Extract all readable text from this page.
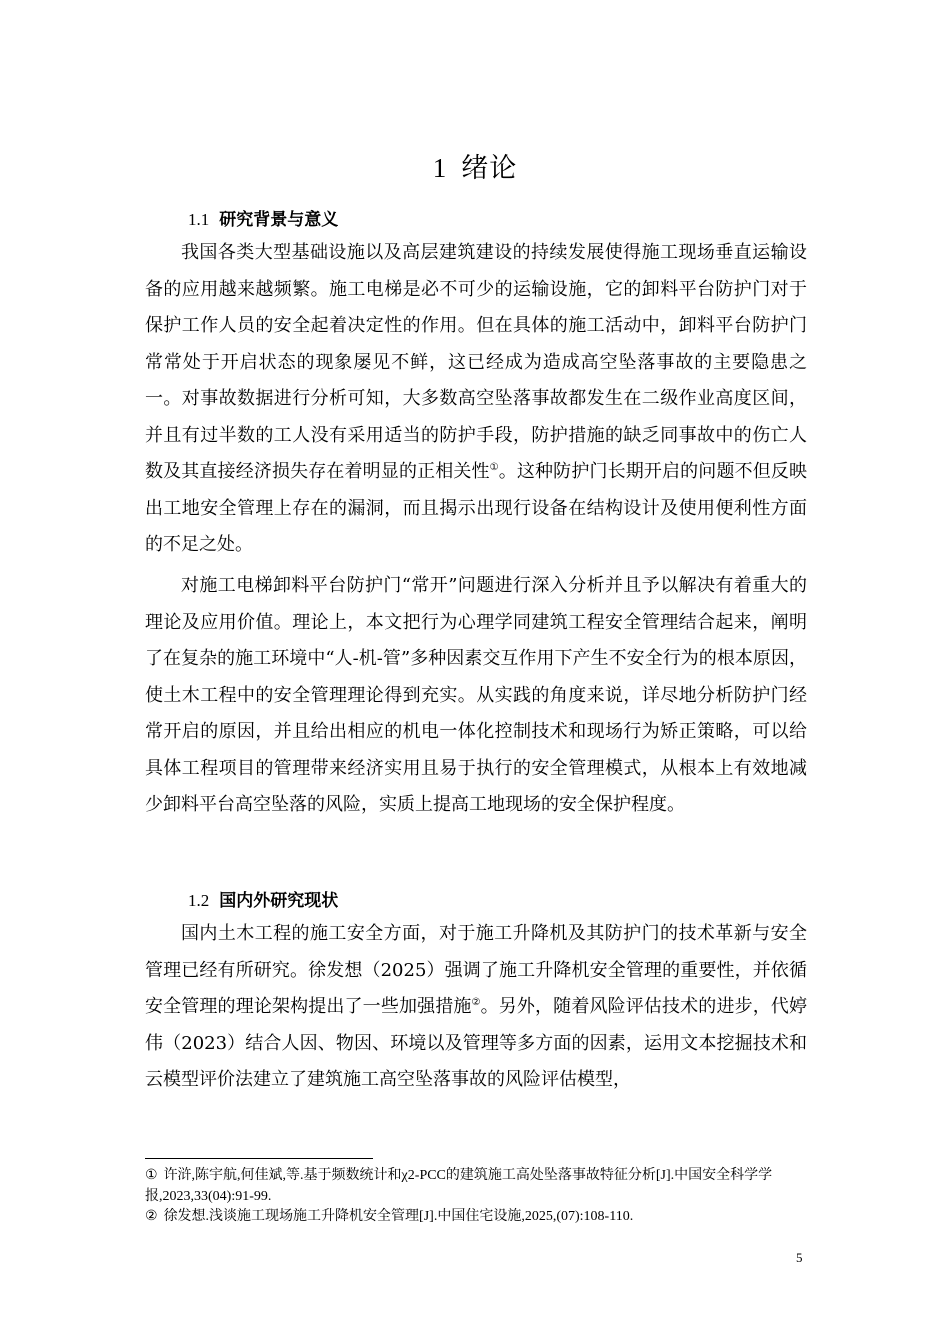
1 绪论
1.1 研究背景与意义

我国各类大型基础设施以及高层建筑建设的持续发展使得施工现场垂直运输设备的应用越来越频繁。施工电梯是必不可少的运输设施，它的卸料平台防护门对于保护工作人员的安全起着决定性的作用。但在具体的施工活动中，卸料平台防护门常常处于开启状态的现象屡见不鲜，这已经成为造成高空坠落事故的主要隐患之一。对事故数据进行分析可知，大多数高空坠落事故都发生在二级作业高度区间，并且有过半数的工人没有采用适当的防护手段，防护措施的缺乏同事故中的伤亡人数及其直接经济损失存在着明显的正相关性①。这种防护门长期开启的问题不但反映出工地安全管理上存在的漏洞，而且揭示出现行设备在结构设计及使用便利性方面的不足之处。

对施工电梯卸料平台防护门“常开”问题进行深入分析并且予以解决有着重大的理论及应用价值。理论上，本文把行为心理学同建筑工程安全管理结合起来，阐明了在复杂的施工环境中“人-机-管”多种因素交互作用下产生不安全行为的根本原因，使土木工程中的安全管理理论得到充实。从实践的角度来说，详尽地分析防护门经常开启的原因，并且给出相应的机电一体化控制技术和现场行为矫正策略，可以给具体工程项目的管理带来经济实用且易于执行的安全管理模式，从根本上有效地减少卸料平台高空坠落的风险，实质上提高工地现场的安全保护程度。

1.2 国内外研究现状

国内土木工程的施工安全方面，对于施工升降机及其防护门的技术革新与安全管理已经有所研究。徐发想（2025）强调了施工升降机安全管理的重要性，并依循安全管理的理论架构提出了一些加强措施②。另外，随着风险评估技术的进步，代婷伟（2023）结合人因、物因、环境以及管理等多方面的因素，运用文本挖掘技术和云模型评价法建立了建筑施工高空坠落事故的风险评估模型，

① 许浒,陈宇航,何佳斌,等.基于频数统计和χ2-PCC的建筑施工高处坠落事故特征分析[J].中国安全科学学报,2023,33(04):91-99.

② 徐发想.浅谈施工现场施工升降机安全管理[J].中国住宅设施,2025,(07):108-110.

5
